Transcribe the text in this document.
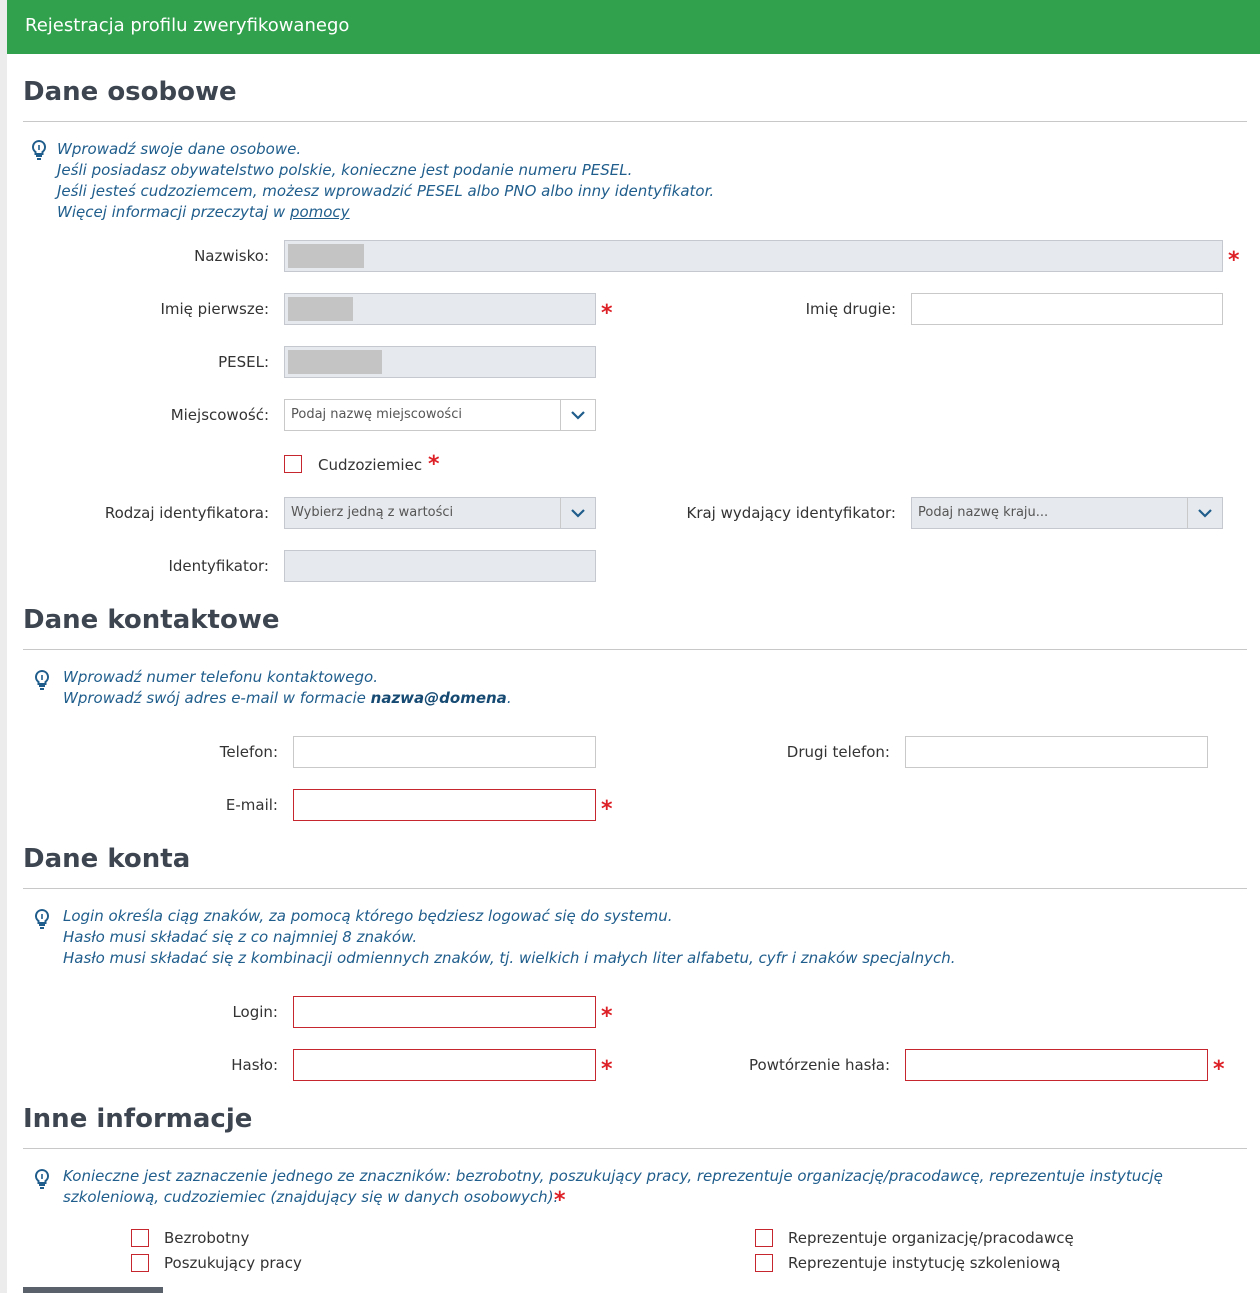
Rejestracja profilu zweryfikowanego
Dane osobowe
Wprowadź swoje dane osobowe.
Jeśli posiadasz obywatelstwo polskie, konieczne jest podanie numeru PESEL.
Jeśli jesteś cudzoziemcem, możesz wprowadzić PESEL albo PNO albo inny identyfikator.
Więcej informacji przeczytaj w pomocy
Nazwisko:	*
Imię pierwsze:	*	Imię drugie:
PESEL:
Miejscowość: Podaj nazwę miejscowości
Cudzoziemiec *
Rodzaj identyfikatora: Wybierz jedną z wartości	Kraj wydający identyfikator: Podaj nazwę kraju...
Identyfikator:
Dane kontaktowe
Wprowadź numer telefonu kontaktowego.
Wprowadź swój adres e-mail w formacie nazwa@domena.
Telefon:	Drugi telefon:
E-mail:	*
Dane konta
Login określa ciąg znaków, za pomocą którego będziesz logować się do systemu.
Hasło musi składać się z co najmniej 8 znaków.
Hasło musi składać się z kombinacji odmiennych znaków, tj. wielkich i małych liter alfabetu, cyfr i znaków specjalnych.
Login:	*
Hasło:	*	Powtórzenie hasła:	*
Inne informacje
Konieczne jest zaznaczenie jednego ze znaczników: bezrobotny, poszukujący pracy, reprezentuje organizację/pracodawcę, reprezentuje instytucję
szkoleniową, cudzoziemiec (znajdujący się w danych osobowych).
*
Bezrobotny
Poszukujący pracy
Reprezentuje organizację/pracodawcę
Reprezentuje instytucję szkoleniową
